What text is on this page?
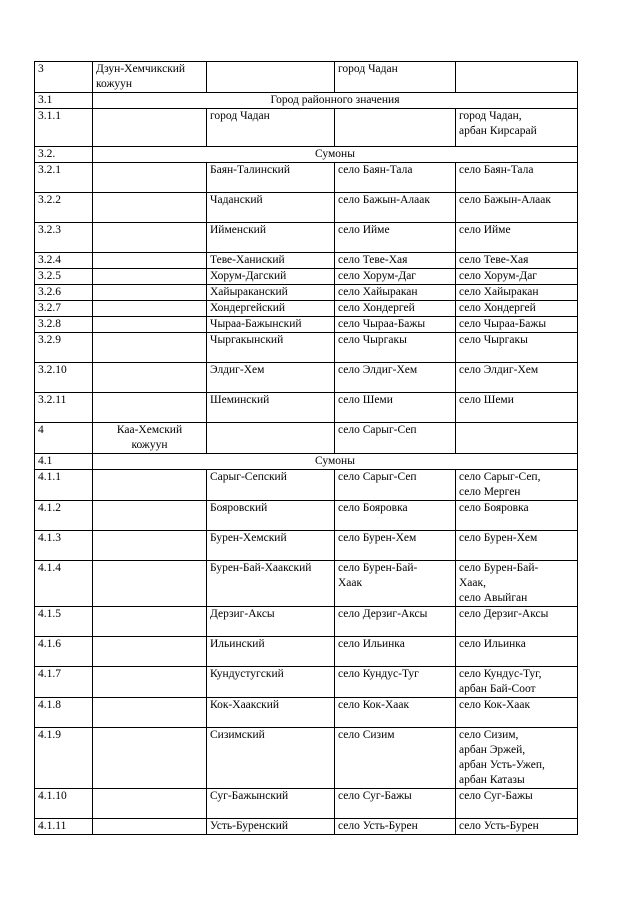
3	Дзун-Хемчикский
кожуун		город Чадан	
3.1	Город районного значения			
3.1.1		город Чадан		город Чадан,
арбан Кирсарай
3.2.	Сумоны			
3.2.1		Баян-Талинский	село Баян-Тала	село Баян-Тала
3.2.2		Чаданский	село Бажын-Алаак	село Бажын-Алаак
3.2.3		Ийменский	село Ийме	село Ийме
3.2.4		Теве-Ханиский	село Теве-Хая	село Теве-Хая
3.2.5		Хорум-Дагский	село Хорум-Даг	село Хорум-Даг
3.2.6		Хайыраканский	село Хайыракан	село Хайыракан
3.2.7		Хондергейский	село Хондергей	село Хондергей
3.2.8		Чыраа-Бажынский	село Чыраа-Бажы	село Чыраа-Бажы
3.2.9		Чыргакынский	село Чыргакы	село Чыргакы
3.2.10		Элдиг-Хем	село Элдиг-Хем	село Элдиг-Хем
3.2.11		Шеминский	село Шеми	село Шеми
4	Каа-Хемский
кожуун		село Сарыг-Сеп	
4.1	Сумоны			
4.1.1		Сарыг-Сепский	село Сарыг-Сеп	село Сарыг-Сеп,
село Мерген
4.1.2		Бояровский	село Бояровка	село Бояровка
4.1.3		Бурен-Хемский	село Бурен-Хем	село Бурен-Хем
4.1.4		Бурен-Бай-Хаакский	село Бурен-Бай-
Хаак	село Бурен-Бай-
Хаак,
село Авыйган
4.1.5		Дерзиг-Аксы	село Дерзиг-Аксы	село Дерзиг-Аксы
4.1.6		Ильинский	село Ильинка	село Ильинка
4.1.7		Кундустугский	село Кундус-Туг	село Кундус-Туг,
арбан Бай-Соот
4.1.8		Кок-Хаакский	село Кок-Хаак	село Кок-Хаак
4.1.9		Сизимский	село Сизим	село Сизим,
арбан Эржей,
арбан Усть-Ужеп,
арбан Катазы
4.1.10		Суг-Бажынский	село Суг-Бажы	село Суг-Бажы
4.1.11		Усть-Буренский	село Усть-Бурен	село Усть-Бурен
